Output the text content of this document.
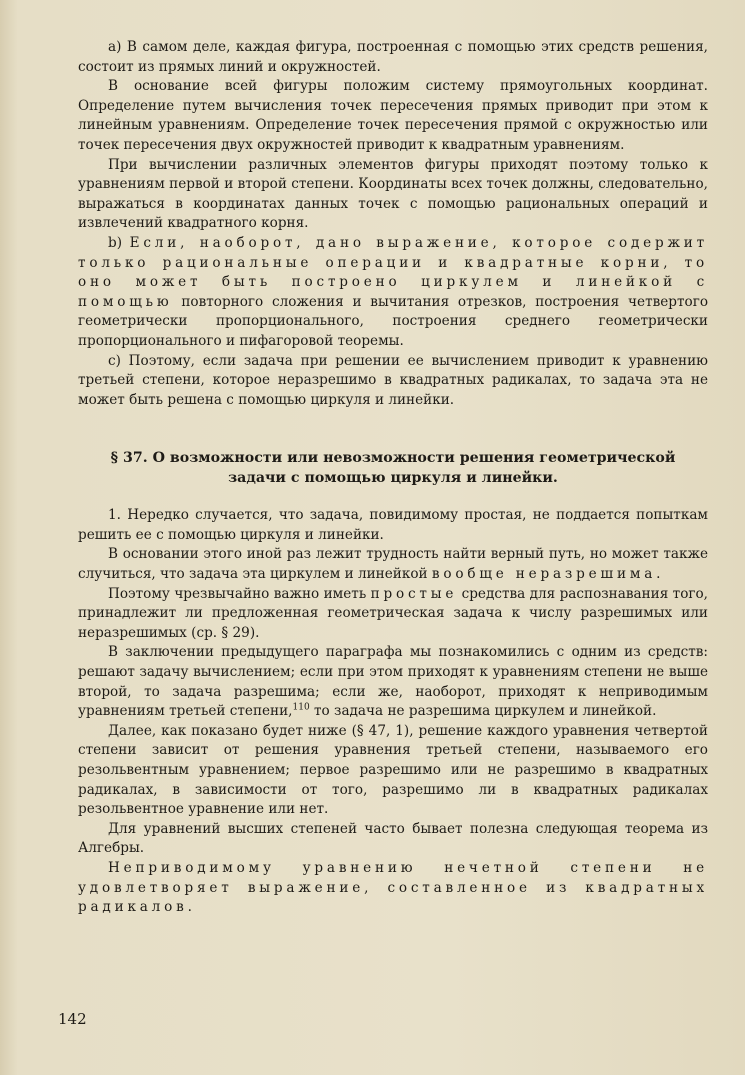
a) В самом деле, каждая фигура, построенная с помощью этих средств решения, состоит из прямых линий и окружностей.

В основание всей фигуры положим систему прямоугольных координат. Определение путем вычисления точек пересечения прямых приводит при этом к линейным уравнениям. Определение точек пересечения прямой с окружностью или точек пересечения двух окружностей приводит к квадратным уравнениям.

При вычислении различных элементов фигуры приходят поэтому только к уравнениям первой и второй степени. Координаты всех точек должны, следовательно, выражаться в координатах данных точек с помощью рациональных операций и извлечений квадратного корня.

b) Если, наоборот, дано выражение, которое содержит только рациональные операции и квадратные корни, то оно может быть построено циркулем и линейкой с помощью повторного сложения и вычитания отрезков, построения четвертого геометрически пропорционального, построения среднего геометрически пропорционального и пифагоровой теоремы.

c) Поэтому, если задача при решении ее вычислением приводит к уравнению третьей степени, которое неразрешимо в квадратных радикалах, то задача эта не может быть решена с помощью циркуля и линейки.

§ 37. О возможности или невозможности решения геометрической

задачи с помощью циркуля и линейки.

1. Нередко случается, что задача, повидимому простая, не поддается попыткам решить ее с помощью циркуля и линейки.

В основании этого иной раз лежит трудность найти верный путь, но может также случиться, что задача эта циркулем и линейкой вообще неразрешима.

Поэтому чрезвычайно важно иметь простые средства для распознавания того, принадлежит ли предложенная геометрическая задача к числу разрешимых или неразрешимых (ср. § 29).

В заключении предыдущего параграфа мы познакомились с одним из средств: решают задачу вычислением; если при этом приходят к уравнениям степени не выше второй, то задача разрешима; если же, наоборот, приходят к неприводимым уравнениям третьей степени,$^{110}$ то задача не разрешима циркулем и линейкой.

Далее, как показано будет ниже (§ 47, 1), решение каждого уравнения четвертой степени зависит от решения уравнения третьей степени, называемого его резольвентным уравнением; первое разрешимо или не разрешимо в квадратных радикалах, в зависимости от того, разрешимо ли в квадратных радикалах резольвентное уравнение или нет.

Для уравнений высших степеней часто бывает полезна следующая теорема из Алгебры.

Неприводимому уравнению нечетной степени не удовлетворяет выражение, составленное из квадратных радикалов.

142
